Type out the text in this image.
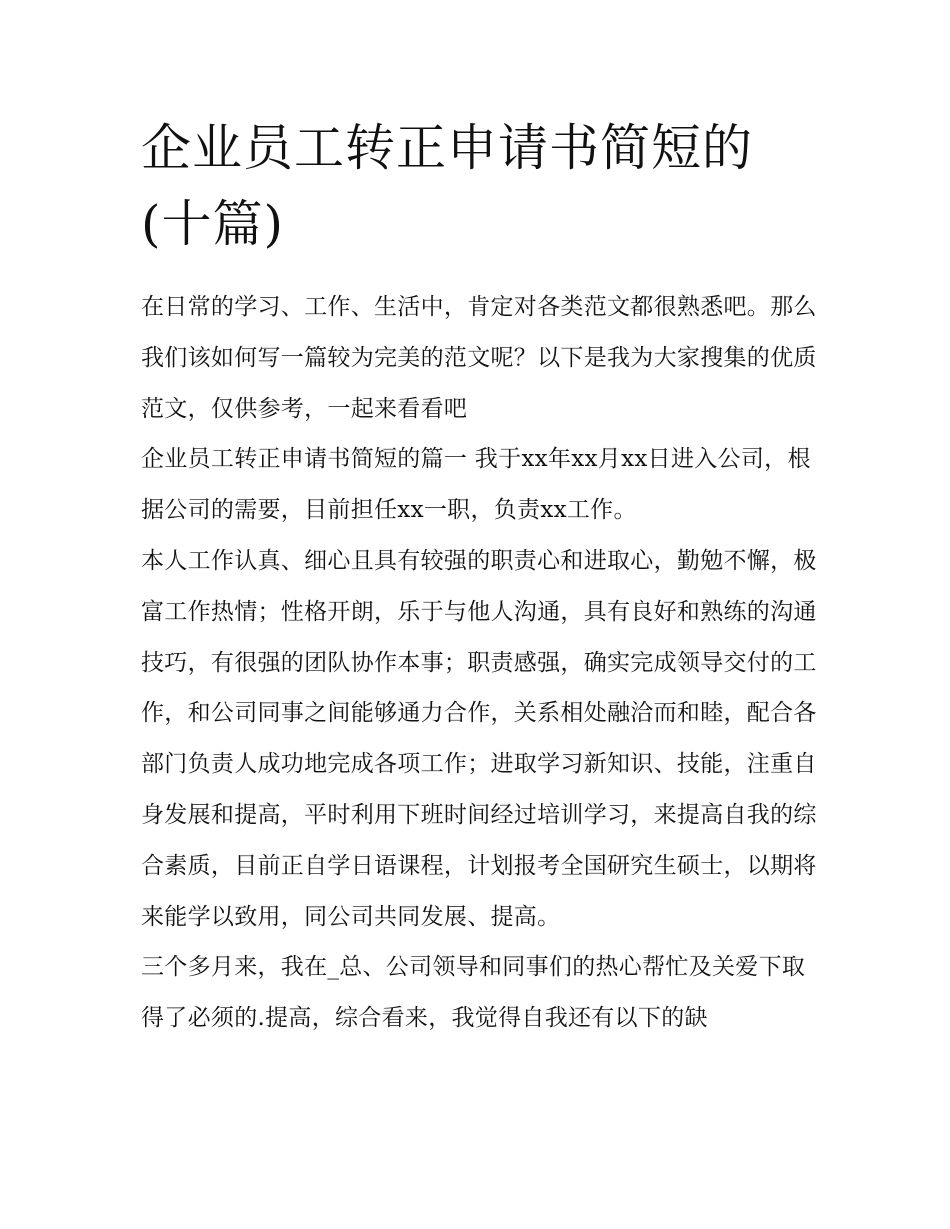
企业员工转正申请书简短的(十篇)

在日常的学习、工作、生活中，肯定对各类范文都很熟悉吧。那么我们该如何写一篇较为完美的范文呢？以下是我为大家搜集的优质范文，仅供参考，一起来看看吧

企业员工转正申请书简短的篇一 我于xx年xx月xx日进入公司，根据公司的需要，目前担任xx一职，负责xx工作。

本人工作认真、细心且具有较强的职责心和进取心，勤勉不懈，极富工作热情；性格开朗，乐于与他人沟通，具有良好和熟练的沟通技巧，有很强的团队协作本事；职责感强，确实完成领导交付的工作，和公司同事之间能够通力合作，关系相处融洽而和睦，配合各部门负责人成功地完成各项工作；进取学习新知识、技能，注重自身发展和提高，平时利用下班时间经过培训学习，来提高自我的综合素质，目前正自学日语课程，计划报考全国研究生硕士，以期将来能学以致用，同公司共同发展、提高。

三个多月来，我在_总、公司领导和同事们的热心帮忙及关爱下取得了必须的.提高，综合看来，我觉得自我还有以下的缺
